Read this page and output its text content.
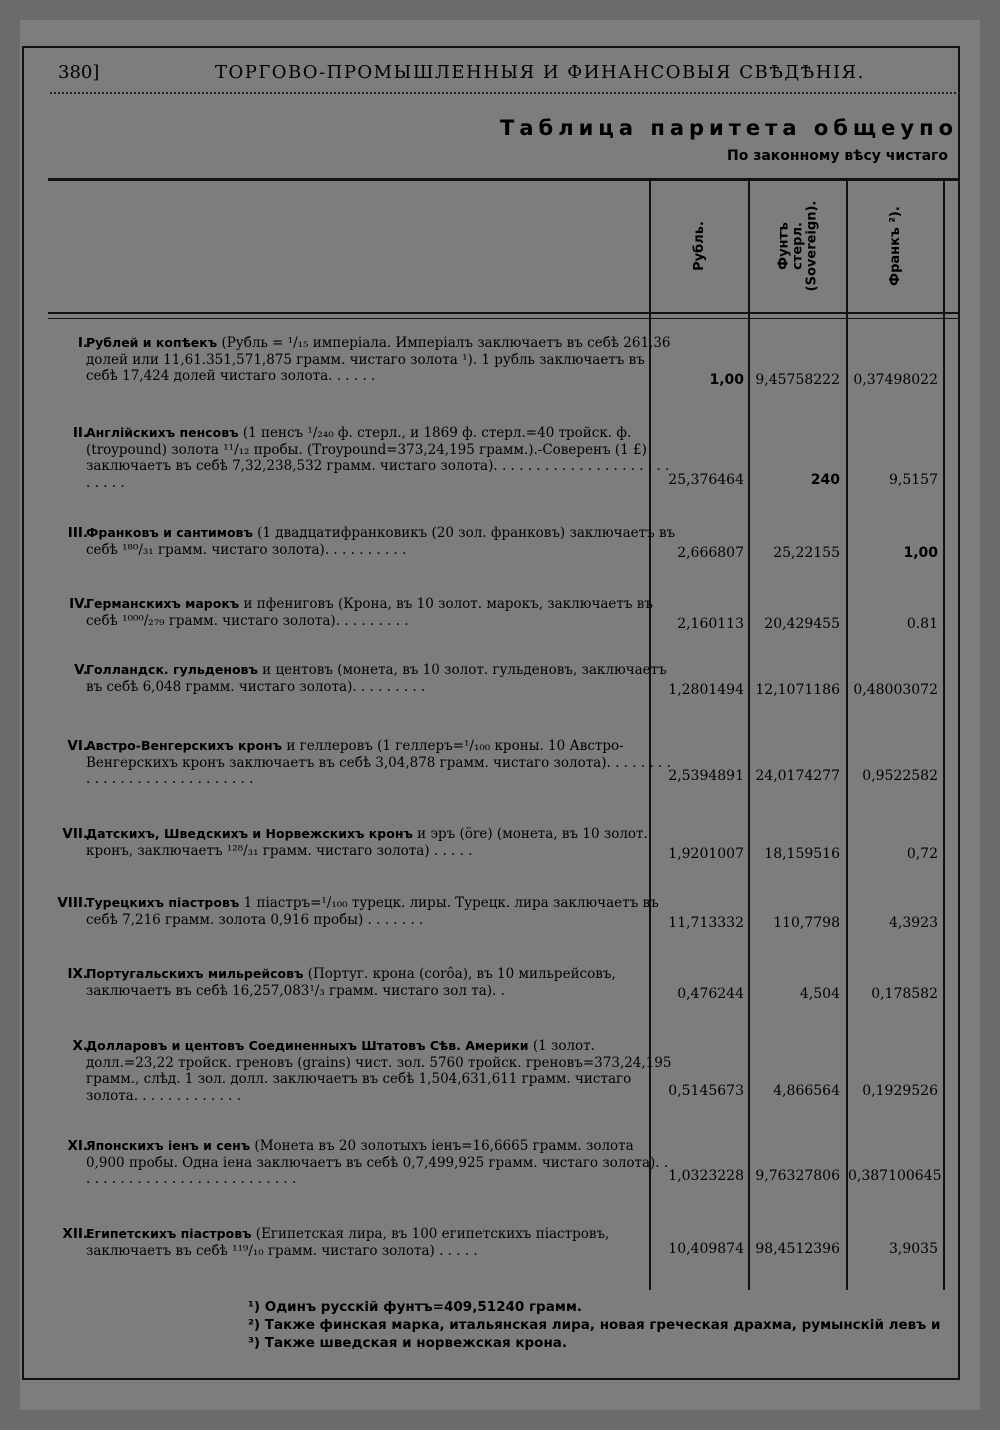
380]	ТОРГОВО-ПРОМЫШЛЕННЫЯ И ФИНАНСОВЫЯ СВѢДѢНІЯ.
Таблица паритета общеупо
По законному вѣсу чистаго
Рубль.	Фунтъ стерл. (Sovereign).	Франкъ ²).
I.
Рублей и копѣекъ (Рубль = ¹/₁₅ имперіала. Имперіалъ заключаетъ въ себѣ 261,36 долей или 11,61.351,571,875 грамм. чистаго золота ¹). 1 рубль заключаетъ въ себѣ 17,424 долей чистаго золота. . . . . .	1,00 9,45758222 0,37498022
II.
Англійскихъ пенсовъ (1 пенсъ ¹/₂₄₀ ф. стерл., и 1869 ф. стерл.=40 тройск. ф. (troypound) золота ¹¹/₁₂ пробы. (Troypound=373,24,195 грамм.).-Соверенъ (1 £) заключаетъ въ себѣ 7,32,238,532 грамм. чистаго золота). . . . . . . . . . . . . . . . . . . . . . . . . .	25,376464	240	9,5157
III.
Франковъ и сантимовъ (1 двадцатифранковикъ (20 зол. франковъ) заключаетъ въ себѣ ¹⁸⁰/₃₁ грамм. чистаго золота). . . . . . . . . .	2,666807	25,22155	1,00
IV.
Германскихъ марокъ и пфениговъ (Крона, въ 10 золот. марокъ, заключаетъ въ себѣ ¹⁰⁰⁰/₂₇₉ грамм. чистаго золота). . . . . . . . .	2,160113	20,429455	0.81
V.
Голландск. гульденовъ и центовъ (монета, въ 10 золот. гульденовъ, заключаетъ въ себѣ 6,048 грамм. чистаго золота). . . . . . . . .	1,2801494 12,1071186 0,48003072
VI.
Австро-Венгерскихъ кронъ и геллеровъ (1 геллеръ=¹/₁₀₀ кроны. 10 Австро-Венгерскихъ кронъ заключаетъ въ себѣ 3,04,878 грамм. чистаго золота). . . . . . . . . . . . . . . . . . . . . . . . . . . .	2,5394891 24,0174277	0,9522582
VII.
Датскихъ, Шведскихъ и Норвежскихъ кронъ и эръ (öre) (монета, въ 10 золот. кронъ, заключаетъ ¹²⁸/₃₁ грамм. чистаго золота) . . . . .	1,9201007	18,159516	0,72
VIII.
Турецкихъ піастровъ 1 піастръ=¹/₁₀₀ турецк. лиры. Турецк. лира заключаетъ въ себѣ 7,216 грамм. золота 0,916 пробы) . . . . . . .	11,713332	110,7798	4,3923
IX.
Португальскихъ мильрейсовъ (Португ. крона (corôa), въ 10 мильрейсовъ, заключаетъ въ себѣ 16,257,083¹/₃ грамм. чистаго зол та). .	0,476244	4,504	0,178582
X.
Долларовъ и центовъ Соединенныхъ Штатовъ Сѣв. Америки (1 золот. долл.=23,22 тройск. греновъ (grains) чист. зол. 5760 тройск. греновъ=373,24,195 грамм., слѣд. 1 зол. долл. заключаетъ въ себѣ 1,504,631,611 грамм. чистаго золота. . . . . . . . . . . . .	0,5145673	4,866564	0,1929526
XI.
Японскихъ іенъ и сенъ (Монета въ 20 золотыхъ іенъ=16,6665 грамм. золота 0,900 пробы. Одна іена заключаетъ въ себѣ 0,7,499,925 грамм. чистаго золота). . . . . . . . . . . . . . . . . . . . . . . . . . .	1,0323228 9,76327806 0,387100645
XII.
Египетскихъ піастровъ (Египетская лира, въ 100 египетскихъ піастровъ, заключаетъ въ себѣ ¹¹⁹/₁₀ грамм. чистаго золота) . . . . .	10,409874 98,4512396	3,9035
¹) Одинъ русскій фунтъ=409,51240 грамм.
²) Также финская марка, итальянская лира, новая греческая драхма, румынскій левъ и
³) Также шведская и норвежская крона.
